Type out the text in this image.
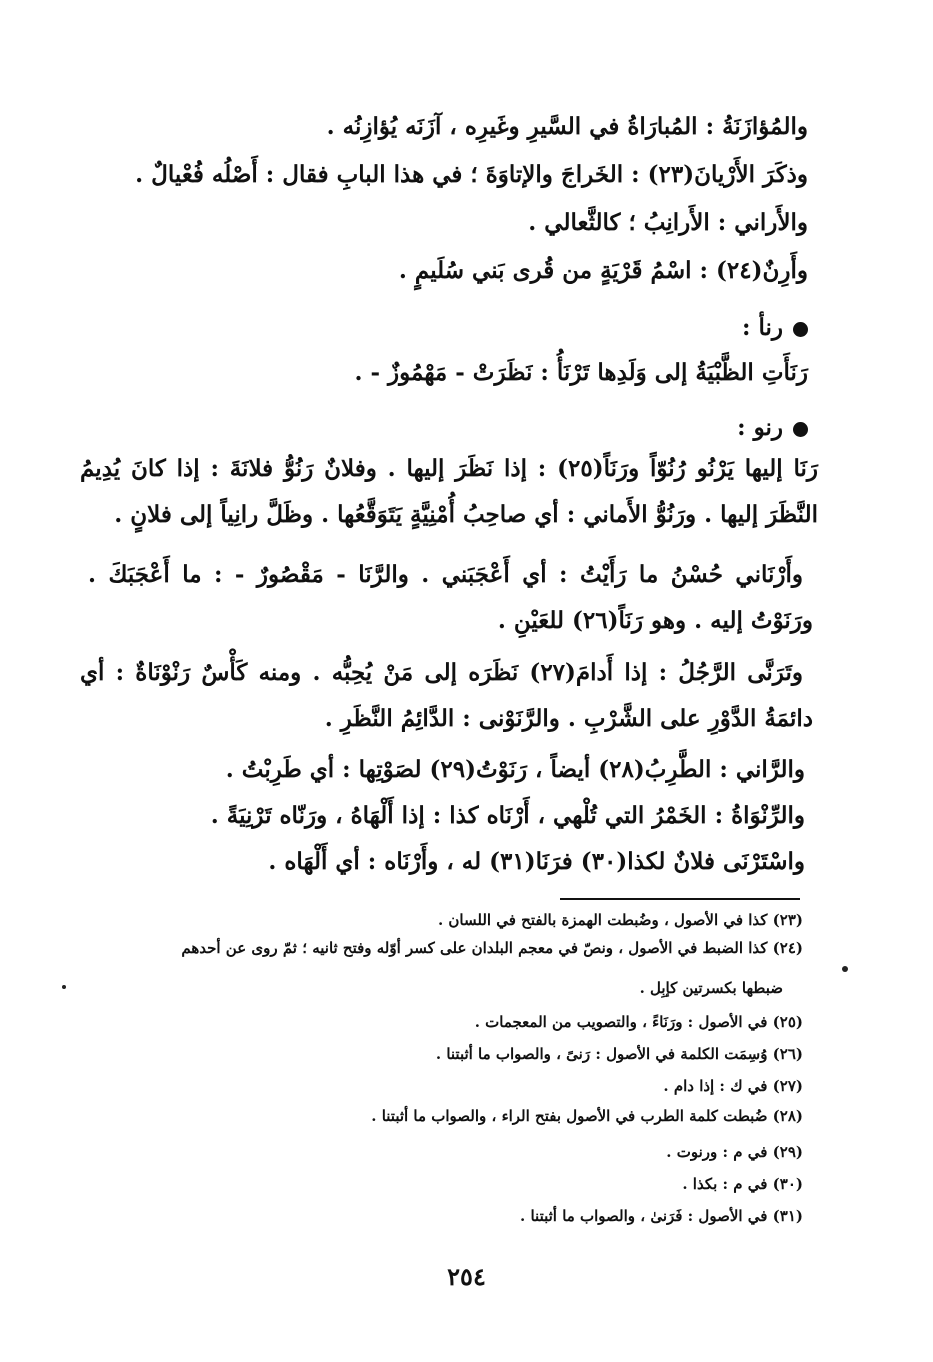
والمُؤازَنَةُ : المُبارَاةُ في السَّيرِ وغَيرِه ، آزَنَه يُؤازِنُه .
وذكَرَ الأَرْيانَ(٢٣) : الخَراجَ والإتاوَةَ ؛ في هذا البابِ فقال : أَصْلُه فُعْيالٌ .
والأَراني : الأَرانِبُ ؛ كالثَّعالي .
وأَرِنٌ(٢٤) : اسْمُ قَرْيَةٍ من قُرى بَني سُلَيمٍ .
رنأ :
رَنَأَتِ الظَّبْيَةُ إلى وَلَدِها تَرْنَأُ : نَظَرَتْ - مَهْمُوزٌ - .
رنو :
رَنَا إليها يَرْنُو رُنُوّاً ورَنَاً(٢٥) : إذا نَظَرَ إليها . وفلانٌ رَنُوُّ فلانَةَ : إذا كانَ يُدِيمُ
النَّظَرَ إليها . ورَنُوُّ الأَماني : أي صاحِبُ أُمْنِيَّةٍ يَتَوَقَّعُها . وظَلَّ رانِياً إلى فلانٍ .
وأَرْنَاني حُسْنُ ما رَأَيْتُ : أي أَعْجَبَني . والرَّنَا - مَقْصُورٌ - : ما أَعْجَبَكَ .
ورَنَوْتُ إليه . وهو رَنَاً(٢٦) للعَيْنِ .
وتَرَنَّى الرَّجُلُ : إذا أَدامَ(٢٧) نَظَرَه إلى مَنْ يُحِبُّه . ومنه كَأْسٌ رَنْوْنَاةٌ : أي
دائمَةُ الدَّوْرِ على الشَّرْبِ . والرَّنَوْنى : الدَّائِمُ النَّظَرِ .
والرَّاني : الطَّرِبُ(٢٨) أيضاً ، رَنَوْتُ(٢٩) لصَوْتِها : أي طَرِبْتُ .
والرِّنْوَاةُ : الخَمْرُ التي تُلْهي ، أَرْنَاه كذا : إذا أَلْهَاهُ ، ورَنّاه تَرْنِيَةً .
واسْتَرْنَى فلانٌ لكذا(٣٠) فرَنَا(٣١) له ، وأَرْنَاه : أي أَلْهَاه .
(٢٣) كذا في الأصول ، وضُبطت الهمزة بالفتح في اللسان .
(٢٤) كذا الضبط في الأصول ، ونصّ في معجم البلدان على كسر أوّله وفتح ثانيه ؛ ثمّ روى عن أحدهم
ضبطها بكسرتين كإبِل .
(٢٥) في الأصول : ورَنَاءً ، والتصويب من المعجمات .
(٢٦) وُسِمَت الكلمة في الأصول : رَنىً ، والصواب ما أثبتنا .
(٢٧) في ك : إذا دام .
(٢٨) ضُبطت كلمة الطرب في الأصول بفتح الراء ، والصواب ما أثبتنا .
(٢٩) في م : ورنوت .
(٣٠) في م : بكذا .
(٣١) في الأصول : فَرَنىٰ ، والصواب ما أثبتنا .
٢٥٤
